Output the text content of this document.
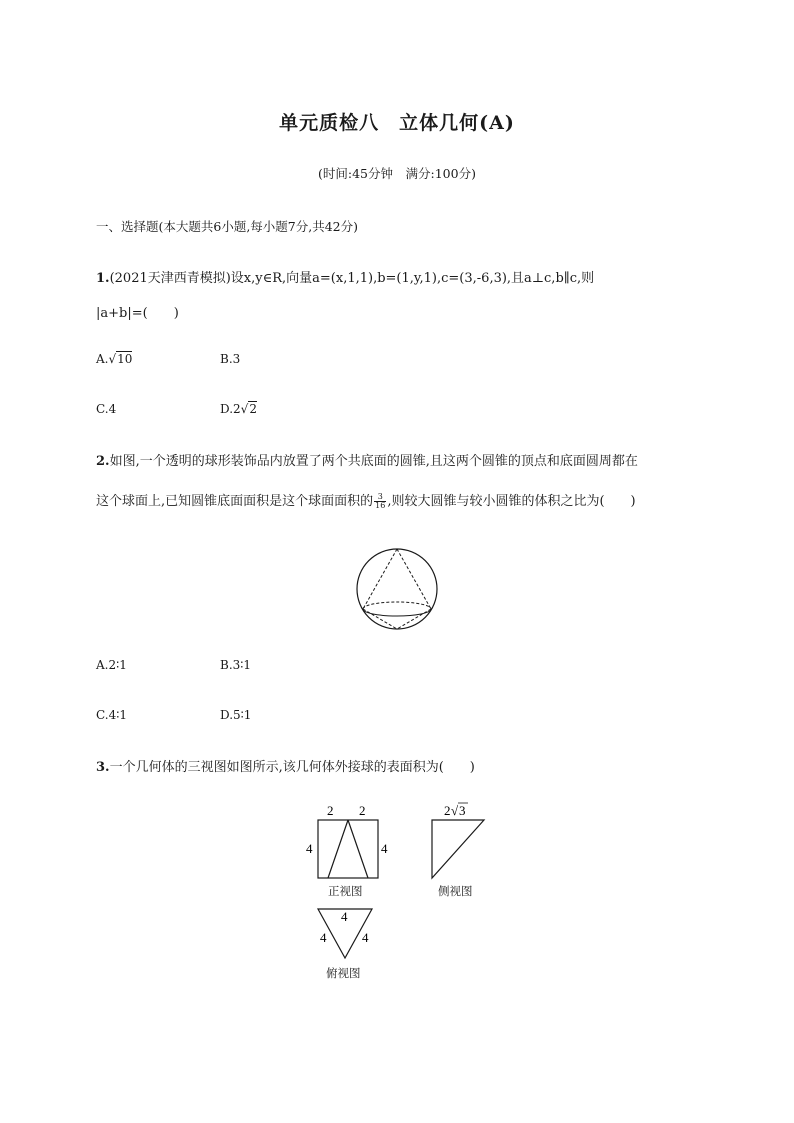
单元质检八 立体几何(A)
(时间:45分钟　满分:100分)
一、选择题(本大题共6小题,每小题7分,共42分)
1.(2021天津西青模拟)设x,y∈R,向量a=(x,1,1),b=(1,y,1),c=(3,-6,3),且a⊥c,b∥c,则
|a+b|=(　　)
A.√10	B.3
C.4	D.2√2
2.如图,一个透明的球形装饰品内放置了两个共底面的圆锥,且这两个圆锥的顶点和底面圆周都在
这个球面上,已知圆锥底面面积是这个球面面积的 $\frac{3}{16}$ ,则较大圆锥与较小圆锥的体积之比为(　　)
A.2∶1	B.3∶1
C.4∶1	D.5∶1
3.一个几何体的三视图如图所示,该几何体外接球的表面积为(　　)
2 2
4	4
正视图
2 √ 3
侧视图
4
4	4
俯视图
